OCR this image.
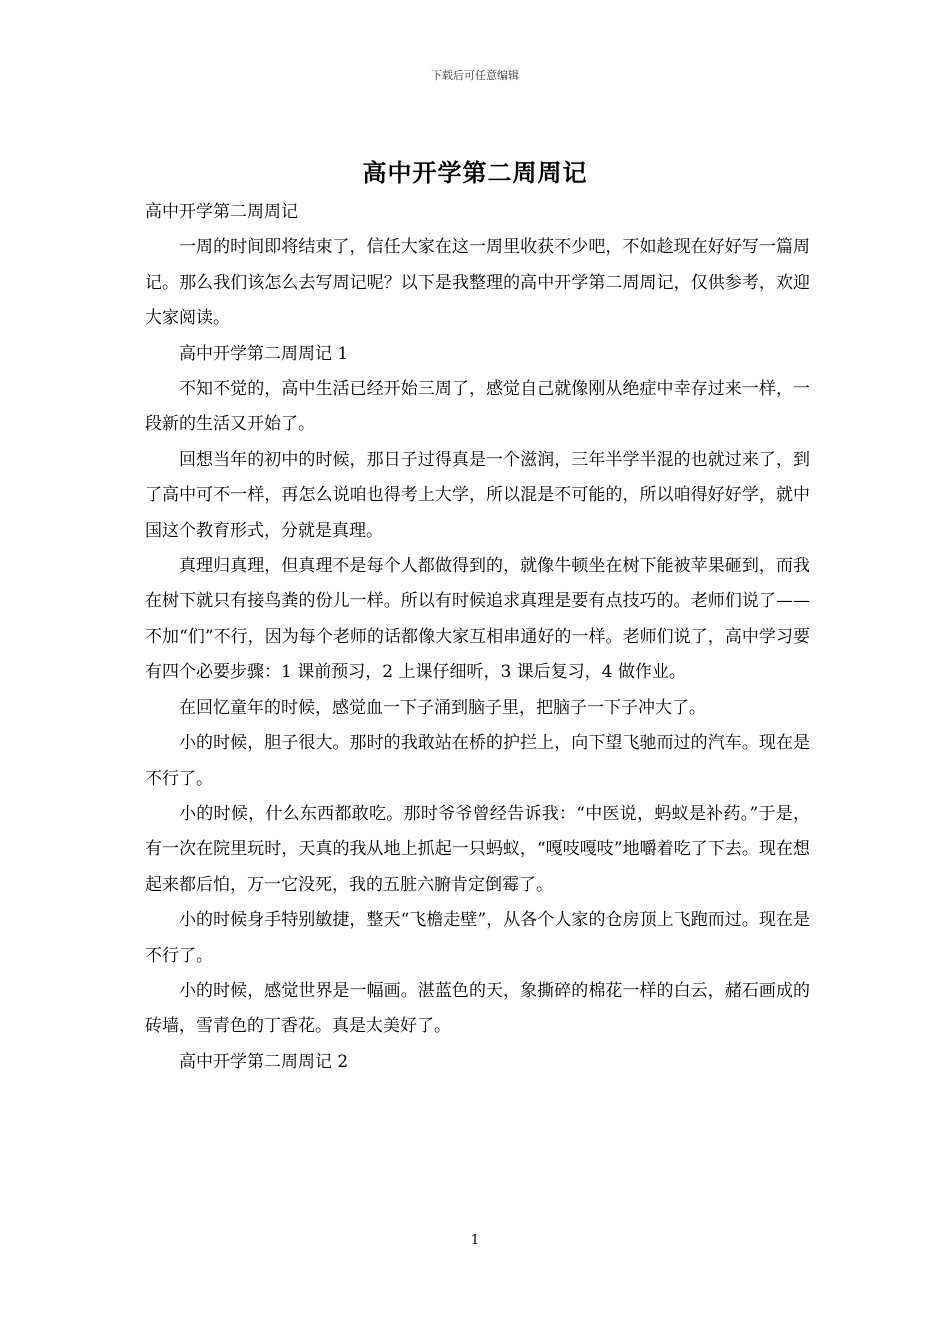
下载后可任意编辑
高中开学第二周周记

高中开学第二周周记

一周的时间即将结束了，信任大家在这一周里收获不少吧，不如趁现在好好写一篇周记。那么我们该怎么去写周记呢？以下是我整理的高中开学第二周周记，仅供参考，欢迎大家阅读。

高中开学第二周周记 1

不知不觉的，高中生活已经开始三周了，感觉自己就像刚从绝症中幸存过来一样，一段新的生活又开始了。

回想当年的初中的时候，那日子过得真是一个滋润，三年半学半混的也就过来了，到了高中可不一样，再怎么说咱也得考上大学，所以混是不可能的，所以咱得好好学，就中国这个教育形式，分就是真理。

真理归真理，但真理不是每个人都做得到的，就像牛顿坐在树下能被苹果砸到，而我在树下就只有接鸟粪的份儿一样。所以有时候追求真理是要有点技巧的。老师们说了——不加“们”不行，因为每个老师的话都像大家互相串通好的一样。老师们说了，高中学习要有四个必要步骤：1 课前预习，2 上课仔细听，3 课后复习，4 做作业。

在回忆童年的时候，感觉血一下子涌到脑子里，把脑子一下子冲大了。

小的时候，胆子很大。那时的我敢站在桥的护拦上，向下望飞驰而过的汽车。现在是不行了。

小的时候，什么东西都敢吃。那时爷爷曾经告诉我：“中医说，蚂蚁是补药。”于是，有一次在院里玩时，天真的我从地上抓起一只蚂蚁，“嘎吱嘎吱”地嚼着吃了下去。现在想起来都后怕，万一它没死，我的五脏六腑肯定倒霉了。

小的时候身手特别敏捷，整天“飞檐走壁”，从各个人家的仓房顶上飞跑而过。现在是不行了。

小的时候，感觉世界是一幅画。湛蓝色的天，象撕碎的棉花一样的白云，赭石画成的砖墙，雪青色的丁香花。真是太美好了。

高中开学第二周周记 2

1
